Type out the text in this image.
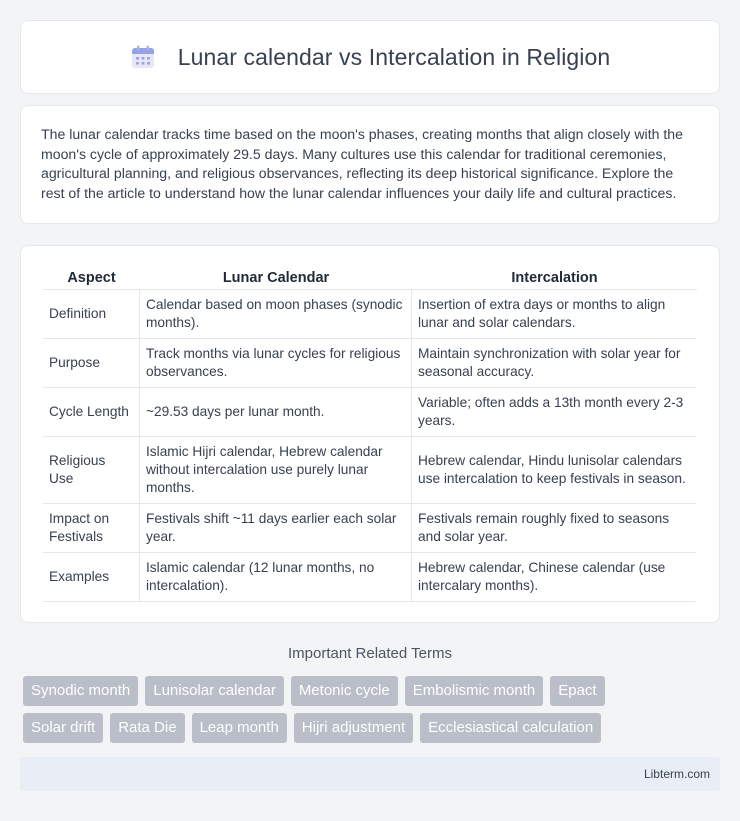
Lunar calendar vs Intercalation in Religion

The lunar calendar tracks time based on the moon's phases, creating months that align closely with the moon's cycle of approximately 29.5 days. Many cultures use this calendar for traditional ceremonies, agricultural planning, and religious observances, reflecting its deep historical significance. Explore the rest of the article to understand how the lunar calendar influences your daily life and cultural practices.

Aspect	Lunar Calendar	Intercalation
Definition	Calendar based on moon phases (synodic months).	Insertion of extra days or months to align lunar and solar calendars.
Purpose	Track months via lunar cycles for religious observances.	Maintain synchronization with solar year for seasonal accuracy.
Cycle Length	~29.53 days per lunar month.	Variable; often adds a 13th month every 2-3 years.
Religious Use	Islamic Hijri calendar, Hebrew calendar without intercalation use purely lunar months.	Hebrew calendar, Hindu lunisolar calendars use intercalation to keep festivals in season.
Impact on Festivals	Festivals shift ~11 days earlier each solar year.	Festivals remain roughly fixed to seasons and solar year.
Examples	Islamic calendar (12 lunar months, no intercalation).	Hebrew calendar, Chinese calendar (use intercalary months).
Important Related Terms
Synodic month	Lunisolar calendar	Metonic cycle	Embolismic month	Epact
Solar drift	Rata Die	Leap month	Hijri adjustment	Ecclesiastical calculation
Libterm.com
